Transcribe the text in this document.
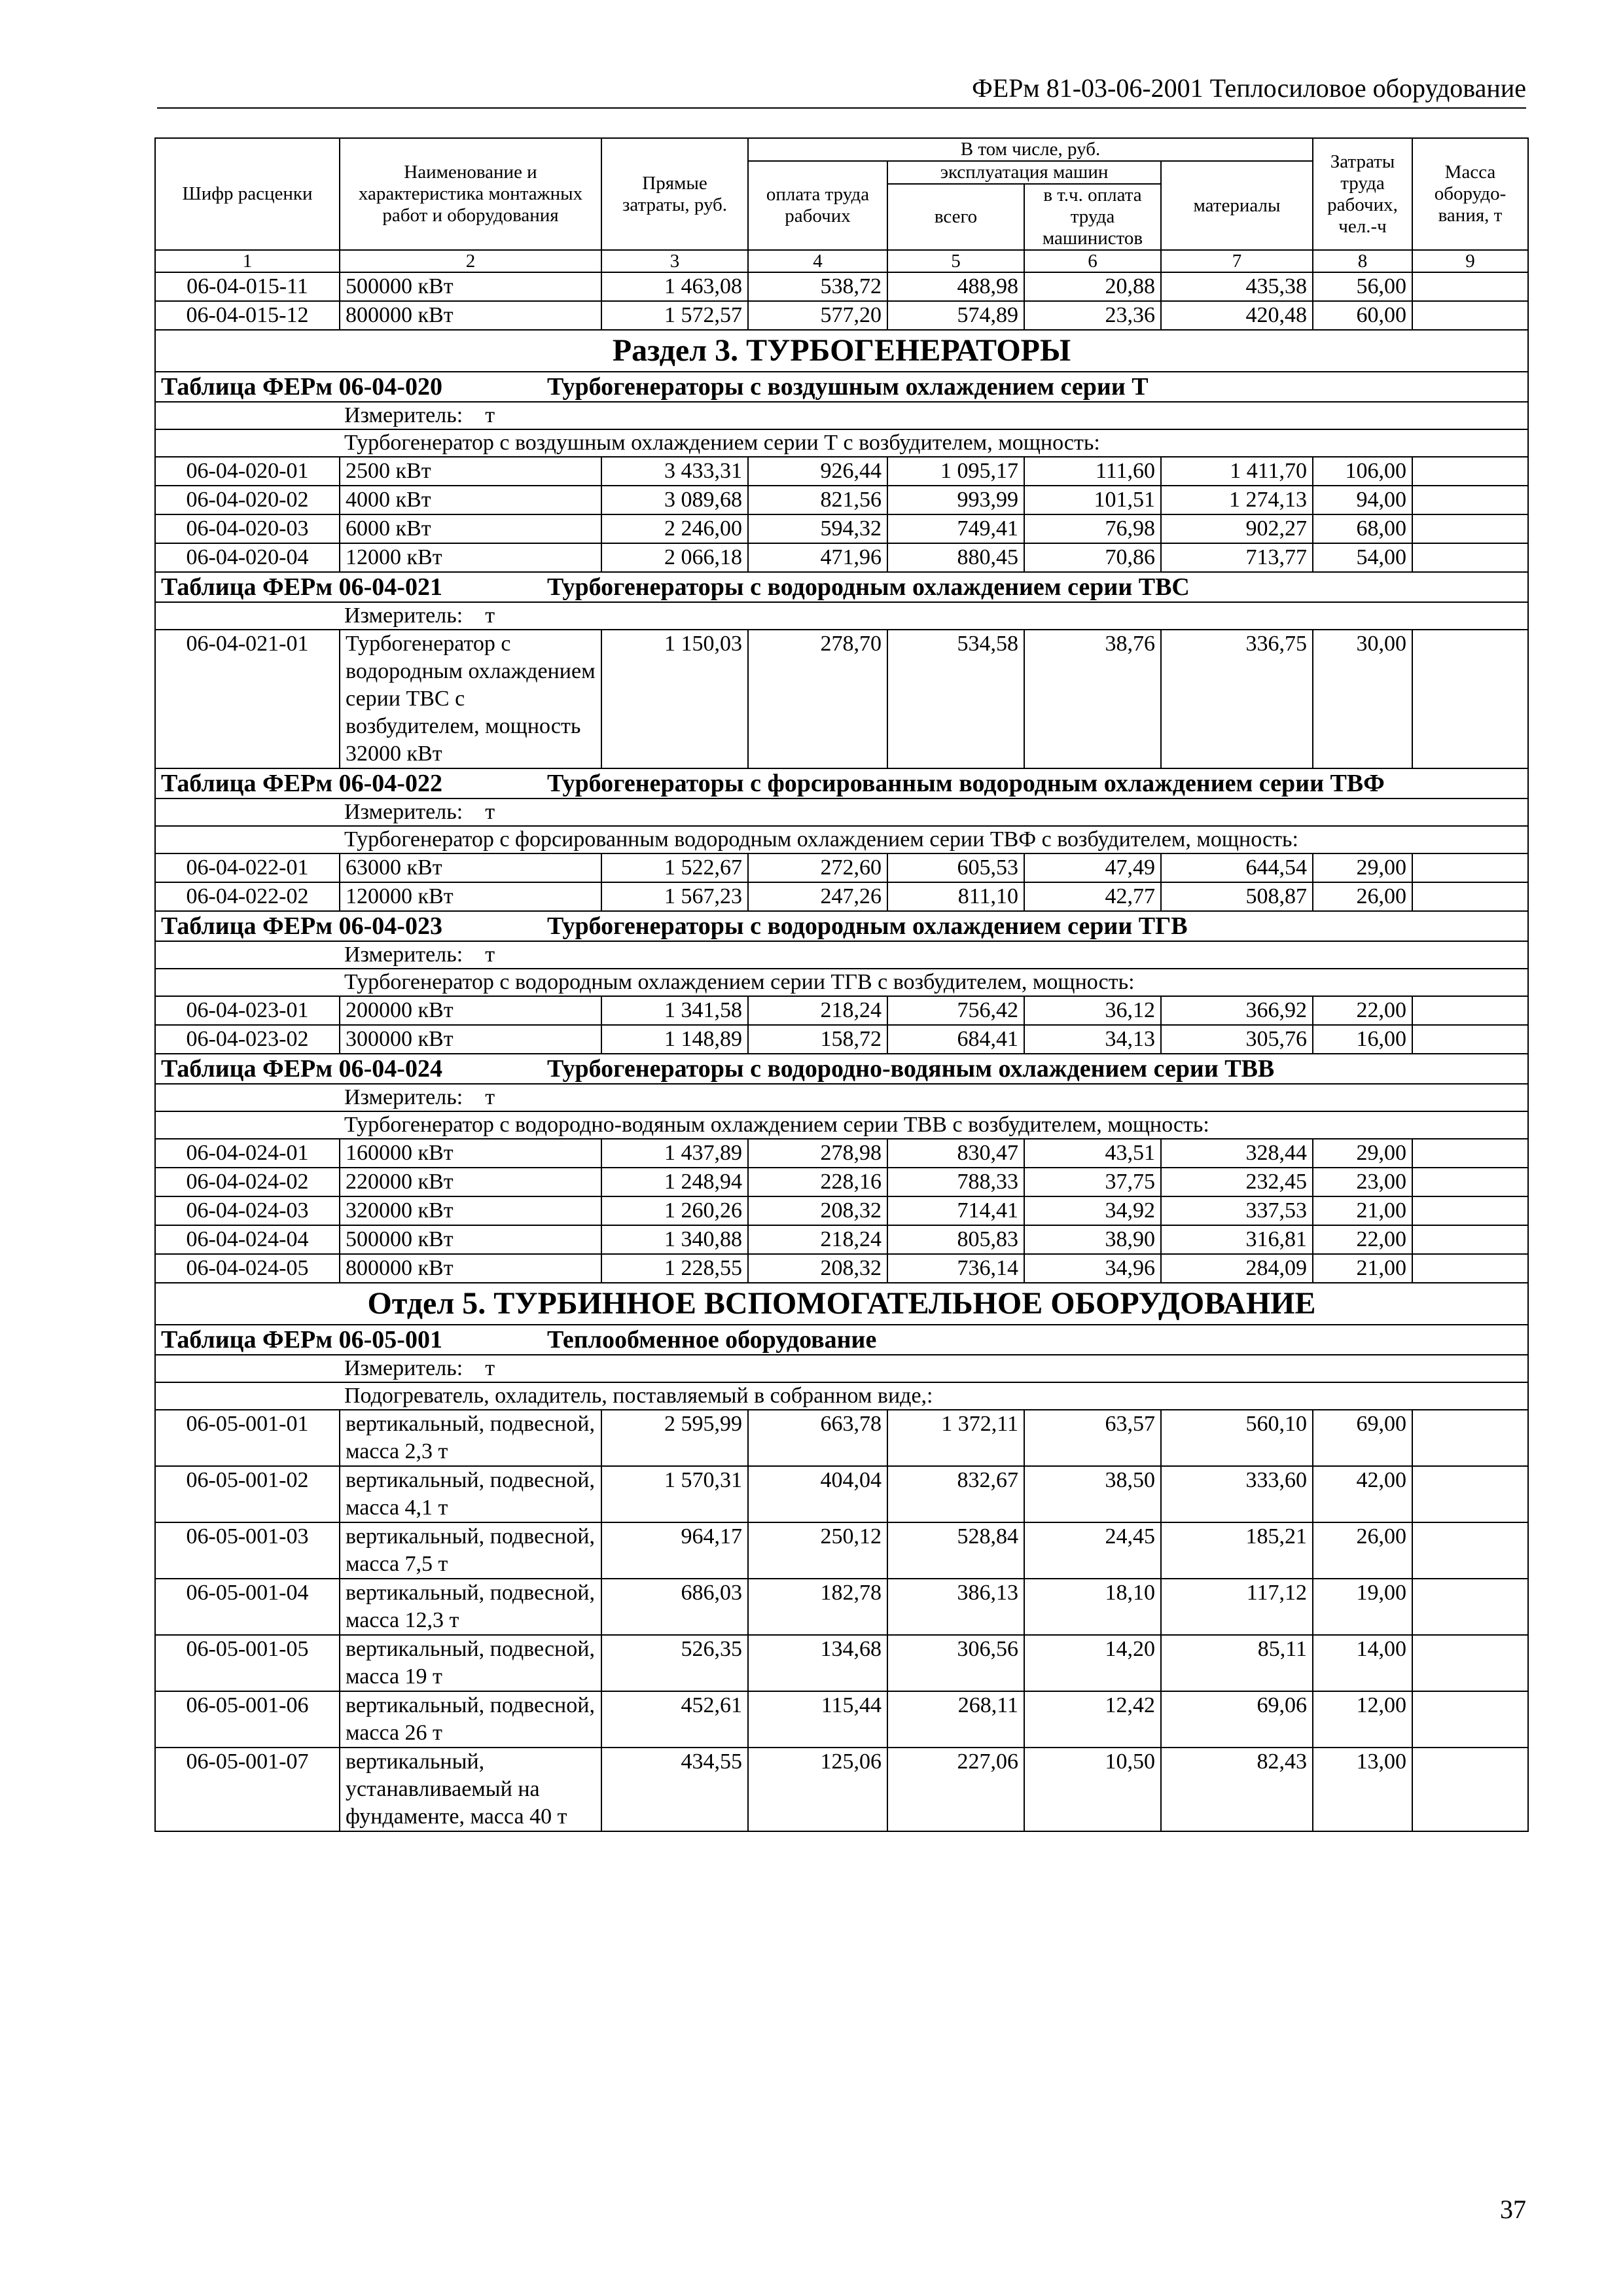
ФЕРм 81-03-06-2001 Теплосиловое оборудование
Шифр расценки	Наименование и характеристика монтажных работ и оборудования	Прямые затраты, руб.	В том числе, руб.				Затраты труда рабочих, чел.-ч	Масса оборудо-вания, т
			оплата труда рабочих	эксплуатация машин		материалы		
				всего	в т.ч. оплата труда машинистов			
1	2	3	4	5	6	7	8	9
06-04-015-11	500000 кВт	1 463,08	538,72	488,98	20,88	435,38	56,00	
06-04-015-12	800000 кВт	1 572,57	577,20	574,89	23,36	420,48	60,00	
Раздел 3. ТУРБОГЕНЕРАТОРЫ								
Таблица ФЕРм 06-04-020 Турбогенераторы с воздушным охлаждением серии Т								
Измеритель: т								
Турбогенератор с воздушным охлаждением серии Т с возбудителем, мощность:								
06-04-020-01	2500 кВт	3 433,31	926,44	1 095,17	111,60	1 411,70	106,00	
06-04-020-02	4000 кВт	3 089,68	821,56	993,99	101,51	1 274,13	94,00	
06-04-020-03	6000 кВт	2 246,00	594,32	749,41	76,98	902,27	68,00	
06-04-020-04	12000 кВт	2 066,18	471,96	880,45	70,86	713,77	54,00	
Таблица ФЕРм 06-04-021 Турбогенераторы с водородным охлаждением серии ТВС								
Измеритель: т								
06-04-021-01	Турбогенератор с водородным охлаждением серии ТВС с возбудителем, мощность 32000 кВт	1 150,03	278,70	534,58	38,76	336,75	30,00	
Таблица ФЕРм 06-04-022 Турбогенераторы с форсированным водородным охлаждением серии ТВФ								
Измеритель: т								
Турбогенератор с форсированным водородным охлаждением серии ТВФ с возбудителем, мощность:								
06-04-022-01	63000 кВт	1 522,67	272,60	605,53	47,49	644,54	29,00	
06-04-022-02	120000 кВт	1 567,23	247,26	811,10	42,77	508,87	26,00	
Таблица ФЕРм 06-04-023 Турбогенераторы с водородным охлаждением серии ТГВ								
Измеритель: т								
Турбогенератор с водородным охлаждением серии ТГВ с возбудителем, мощность:								
06-04-023-01	200000 кВт	1 341,58	218,24	756,42	36,12	366,92	22,00	
06-04-023-02	300000 кВт	1 148,89	158,72	684,41	34,13	305,76	16,00	
Таблица ФЕРм 06-04-024 Турбогенераторы с водородно-водяным охлаждением серии ТВВ								
Измеритель: т								
Турбогенератор с водородно-водяным охлаждением серии ТВВ с возбудителем, мощность:								
06-04-024-01	160000 кВт	1 437,89	278,98	830,47	43,51	328,44	29,00	
06-04-024-02	220000 кВт	1 248,94	228,16	788,33	37,75	232,45	23,00	
06-04-024-03	320000 кВт	1 260,26	208,32	714,41	34,92	337,53	21,00	
06-04-024-04	500000 кВт	1 340,88	218,24	805,83	38,90	316,81	22,00	
06-04-024-05	800000 кВт	1 228,55	208,32	736,14	34,96	284,09	21,00	
Отдел 5. ТУРБИННОЕ ВСПОМОГАТЕЛЬНОЕ ОБОРУДОВАНИЕ								
Таблица ФЕРм 06-05-001 Теплообменное оборудование								
Измеритель: т								
Подогреватель, охладитель, поставляемый в собранном виде,:								
06-05-001-01	вертикальный, подвесной, масса 2,3 т	2 595,99	663,78	1 372,11	63,57	560,10	69,00	
06-05-001-02	вертикальный, подвесной, масса 4,1 т	1 570,31	404,04	832,67	38,50	333,60	42,00	
06-05-001-03	вертикальный, подвесной, масса 7,5 т	964,17	250,12	528,84	24,45	185,21	26,00	
06-05-001-04	вертикальный, подвесной, масса 12,3 т	686,03	182,78	386,13	18,10	117,12	19,00	
06-05-001-05	вертикальный, подвесной, масса 19 т	526,35	134,68	306,56	14,20	85,11	14,00	
06-05-001-06	вертикальный, подвесной, масса 26 т	452,61	115,44	268,11	12,42	69,06	12,00	
06-05-001-07	вертикальный, устанавливаемый на фундаменте, масса 40 т	434,55	125,06	227,06	10,50	82,43	13,00	
37
